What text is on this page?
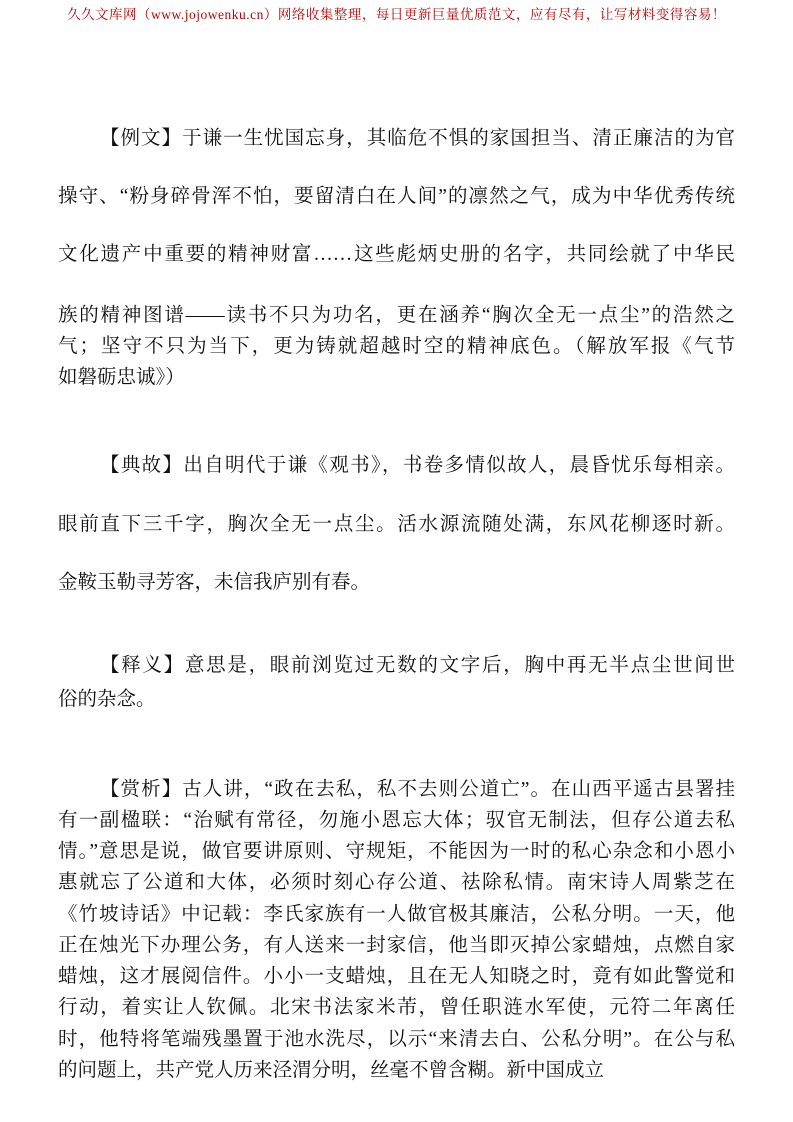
久久文库网（www.jojowenku.cn）网络收集整理，每日更新巨量优质范文，应有尽有，让写材料变得容易！
【例文】于谦一生忧国忘身，其临危不惧的家国担当、清正廉洁的为官
操守、“粉身碎骨浑不怕，要留清白在人间”的凛然之气，成为中华优秀传统
文化遗产中重要的精神财富……这些彪炳史册的名字，共同绘就了中华民
族的精神图谱——读书不只为功名，更在涵养“胸次全无一点尘”的浩然之
气；坚守不只为当下，更为铸就超越时空的精神底色。（解放军报《气节
如磐砺忠诚》）
【典故】出自明代于谦《观书》，书卷多情似故人，晨昏忧乐每相亲。
眼前直下三千字，胸次全无一点尘。活水源流随处满，东风花柳逐时新。
金鞍玉勒寻芳客，未信我庐别有春。
【释义】意思是，眼前浏览过无数的文字后，胸中再无半点尘世间世
俗的杂念。
【赏析】古人讲，“政在去私，私不去则公道亡”。在山西平遥古县署挂
有一副楹联：“治赋有常径，勿施小恩忘大体；驭官无制法，但存公道去私
情。”意思是说，做官要讲原则、守规矩，不能因为一时的私心杂念和小恩小
惠就忘了公道和大体，必须时刻心存公道、祛除私情。南宋诗人周紫芝在
《竹坡诗话》中记载：李氏家族有一人做官极其廉洁，公私分明。一天，他
正在烛光下办理公务，有人送来一封家信，他当即灭掉公家蜡烛，点燃自家
蜡烛，这才展阅信件。小小一支蜡烛，且在无人知晓之时，竟有如此警觉和
行动，着实让人钦佩。北宋书法家米芾，曾任职涟水军使，元符二年离任
时，他特将笔端残墨置于池水洗尽，以示“来清去白、公私分明”。在公与私
的问题上，共产党人历来泾渭分明，丝毫不曾含糊。新中国成立
